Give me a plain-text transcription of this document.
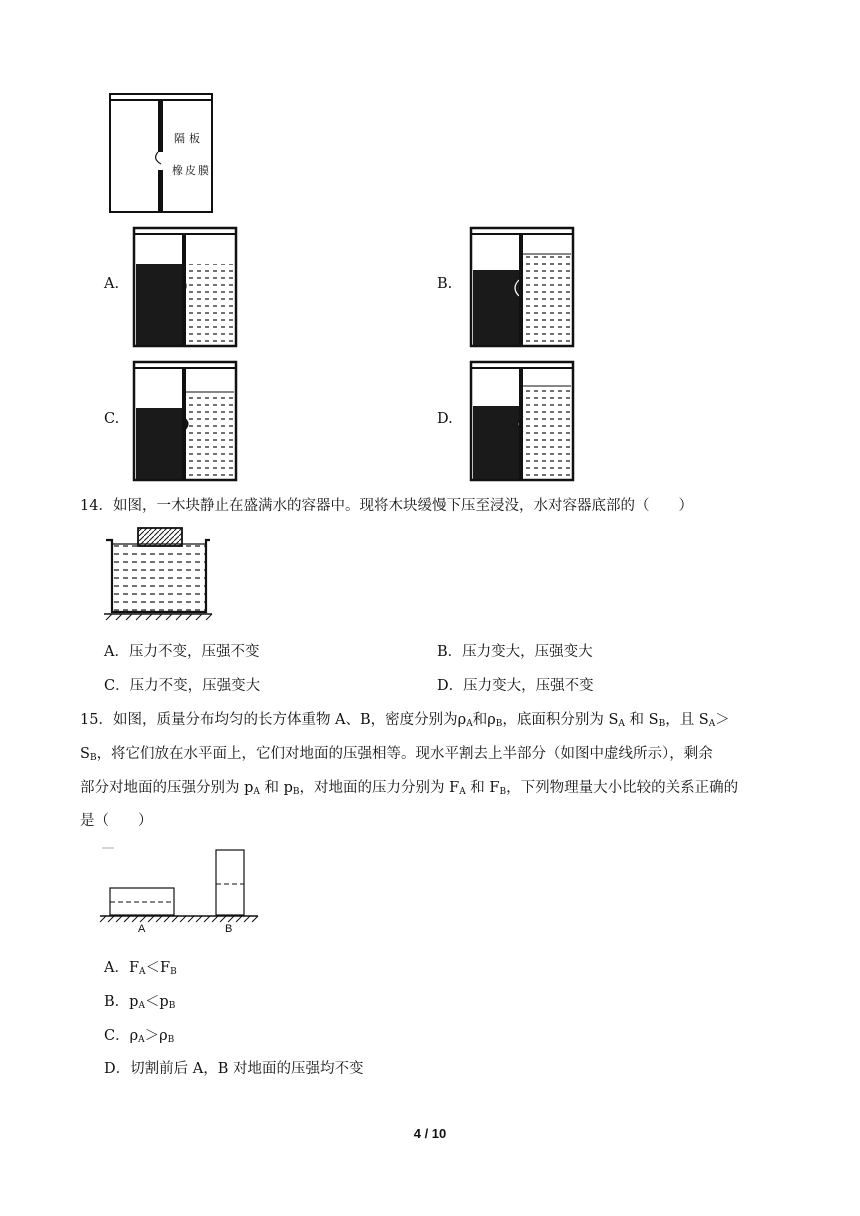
隔板
橡皮膜
A.	B.
C.	D.
14．如图，一木块静止在盛满水的容器中。现将木块缓慢下压至浸没，水对容器底部的（　　）
A．压力不变，压强不变	B．压力变大，压强变大
C．压力不变，压强变大	D．压力变大，压强不变
15．如图，质量分布均匀的长方体重物 A、B，密度分别为$\rho_A$和$\rho_B$，底面积分别为 $S_A$ 和 $S_B$，且 $S_A>$
$S_B$，将它们放在水平面上，它们对地面的压强相等。现水平割去上半部分（如图中虚线所示），剩余
部分对地面的压强分别为 $p_A$ 和 $p_B$，对地面的压力分别为 $F_A$ 和 $F_B$，下列物理量大小比较的关系正确的
是（　　）
A	B
A．$F_A<F_B$
B．$p_A<p_B$
C．$\rho_A>\rho_B$
D．切割前后 A，B 对地面的压强均不变
4 / 10
